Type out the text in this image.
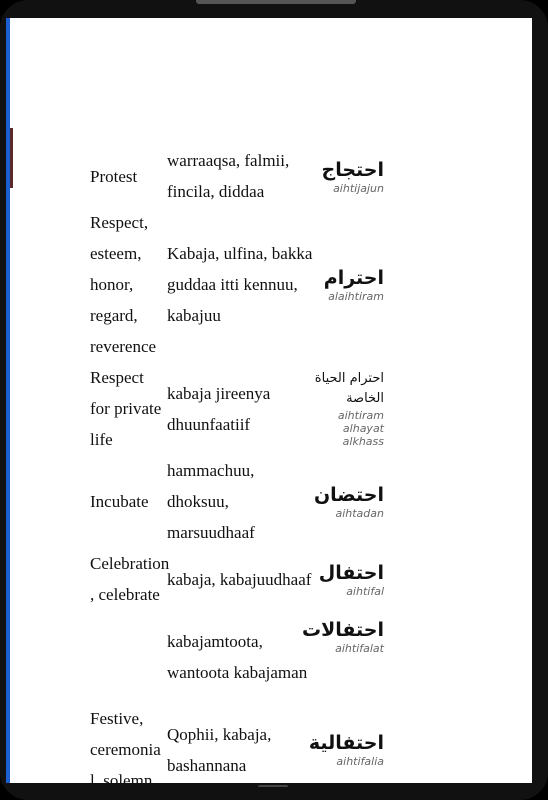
Protest
warraaqsa, falmii, fincila, diddaa
احتجاج
aihtijajun
Respect, esteem, honor, regard, reverence
Kabaja, ulfina, bakka guddaa itti kennuu, kabajuu
احترام
alaihtiram
Respect for private life
kabaja jireenya dhuunfaatiif
احترام الحياة الخاصة
aihtiram alhayat alkhass
Incubate
hammachuu, dhoksuu, marsuudhaaf
احتضان
aihtadan
Celebration , celebrate
kabaja, kabajuudhaaf احتفال
aihtifal
kabajamtoota, wantoota kabajaman
احتفالات
aihtifalat
Festive, ceremonia l, solemn
Qophii, kabaja, bashannana
احتفالية
aihtifalia
